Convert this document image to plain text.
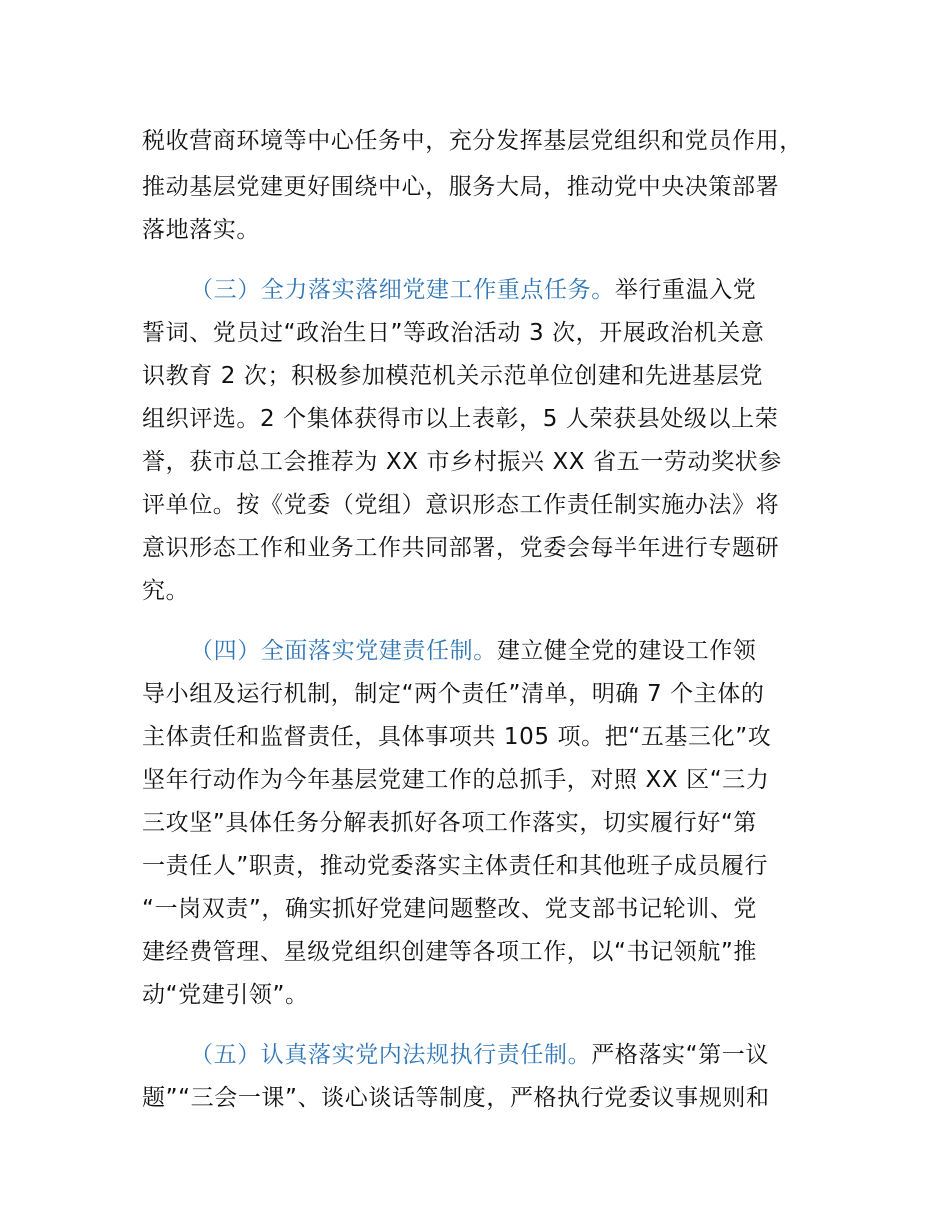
税收营商环境等中心任务中，充分发挥基层党组织和党员作用，
推动基层党建更好围绕中心，服务大局，推动党中央决策部署
落地落实。
（三）全力落实落细党建工作重点任务。举行重温入党
誓词、党员过“政治生日”等政治活动 3 次，开展政治机关意
识教育 2 次；积极参加模范机关示范单位创建和先进基层党
组织评选。2 个集体获得市以上表彰，5 人荣获县处级以上荣
誉，获市总工会推荐为 XX 市乡村振兴 XX 省五一劳动奖状参
评单位。按《党委（党组）意识形态工作责任制实施办法》将
意识形态工作和业务工作共同部署，党委会每半年进行专题研
究。
（四）全面落实党建责任制。建立健全党的建设工作领
导小组及运行机制，制定“两个责任”清单，明确 7 个主体的
主体责任和监督责任，具体事项共 105 项。把“五基三化”攻
坚年行动作为今年基层党建工作的总抓手，对照 XX 区“三力
三攻坚”具体任务分解表抓好各项工作落实，切实履行好“第
一责任人”职责，推动党委落实主体责任和其他班子成员履行
“一岗双责”，确实抓好党建问题整改、党支部书记轮训、党
建经费管理、星级党组织创建等各项工作，以“书记领航”推
动“党建引领”。
（五）认真落实党内法规执行责任制。严格落实“第一议
题”“三会一课”、谈心谈话等制度，严格执行党委议事规则和
